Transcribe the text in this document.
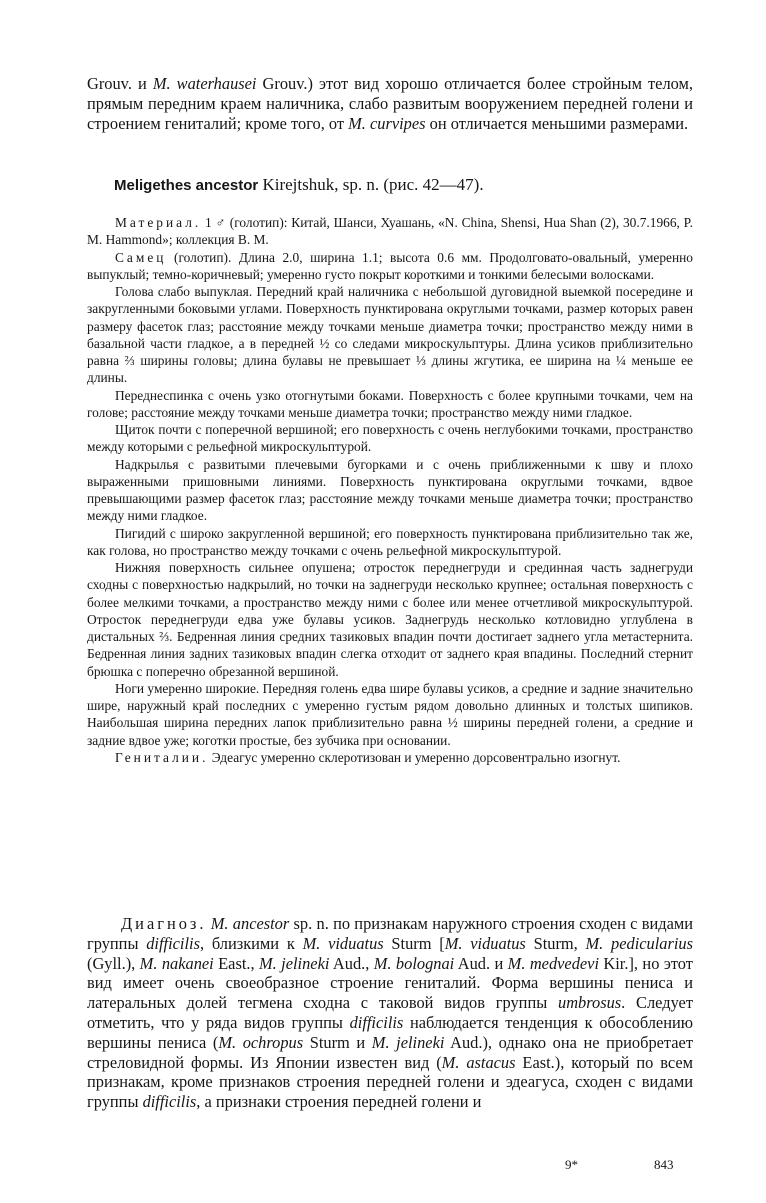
Grouv. и M. waterhausei Grouv.) этот вид хорошо отличается более стройным телом, прямым передним краем наличника, слабо развитым вооружением передней голени и строением гениталий; кроме того, от M. curvipes он отличается меньшими размерами.

Meligethes ancestor Kirejtshuk, sp. n. (рис. 42—47).

Материал. 1 ♂ (голотип): Китай, Шанси, Хуашань, «N. China, Shensi, Hua Shan (2), 30.7.1966, P. M. Hammond»; коллекция В. М.

Самец (голотип). Длина 2.0, ширина 1.1; высота 0.6 мм. Продолговато-овальный, умеренно выпуклый; темно-коричневый; умеренно густо покрыт короткими и тонкими белесыми волосками.

Голова слабо выпуклая. Передний край наличника с небольшой дуговидной выемкой посередине и закругленными боковыми углами. Поверхность пунктирована округлыми точками, размер которых равен размеру фасеток глаз; расстояние между точками меньше диаметра точки; пространство между ними в базальной части гладкое, а в передней ½ со следами микроскульптуры. Длина усиков приблизительно равна ⅔ ширины головы; длина булавы не превышает ⅓ длины жгутика, ее ширина на ¼ меньше ее длины.

Переднеспинка с очень узко отогнутыми боками. Поверхность с более крупными точками, чем на голове; расстояние между точками меньше диаметра точки; пространство между ними гладкое.

Щиток почти с поперечной вершиной; его поверхность с очень неглубокими точками, пространство между которыми с рельефной микроскульптурой.

Надкрылья с развитыми плечевыми бугорками и с очень приближенными к шву и плохо выраженными пришовными линиями. Поверхность пунктирована округлыми точками, вдвое превышающими размер фасеток глаз; расстояние между точками меньше диаметра точки; пространство между ними гладкое.

Пигидий с широко закругленной вершиной; его поверхность пунктирована приблизительно так же, как голова, но пространство между точками с очень рельефной микроскульптурой.

Нижняя поверхность сильнее опушена; отросток переднегруди и срединная часть заднегруди сходны с поверхностью надкрылий, но точки на заднегруди несколько крупнее; остальная поверхность с более мелкими точками, а пространство между ними с более или менее отчетливой микроскульптурой. Отросток переднегруди едва уже булавы усиков. Заднегрудь несколько котловидно углублена в дистальных ⅔. Бедренная линия средних тазиковых впадин почти достигает заднего угла метастернита. Бедренная линия задних тазиковых впадин слегка отходит от заднего края впадины. Последний стернит брюшка с поперечно обрезанной вершиной.

Ноги умеренно широкие. Передняя голень едва шире булавы усиков, а средние и задние значительно шире, наружный край последних с умеренно густым рядом довольно длинных и толстых шипиков. Наибольшая ширина передних лапок приблизительно равна ½ ширины передней голени, а средние и задние вдвое уже; коготки простые, без зубчика при основании.

Гениталии. Эдеагус умеренно склеротизован и умеренно дорсовентрально изогнут.

Диагноз. M. ancestor sp. n. по признакам наружного строения сходен с видами группы difficilis, близкими к M. viduatus Sturm [M. viduatus Sturm, M. pedicularius (Gyll.), M. nakanei East., M. jelineki Aud., M. bolognai Aud. и M. medvedevi Kir.], но этот вид имеет очень своеобразное строение гениталий. Форма вершины пениса и латеральных долей тегмена сходна с таковой видов группы umbrosus. Следует отметить, что у ряда видов группы difficilis наблюдается тенденция к обособлению вершины пениса (M. ochropus Sturm и M. jelineki Aud.), однако она не приобретает стреловидной формы. Из Японии известен вид (M. astacus East.), который по всем признакам, кроме признаков строения передней голени и эдеагуса, сходен с видами группы difficilis, а признаки строения передней голени и

9*	843
